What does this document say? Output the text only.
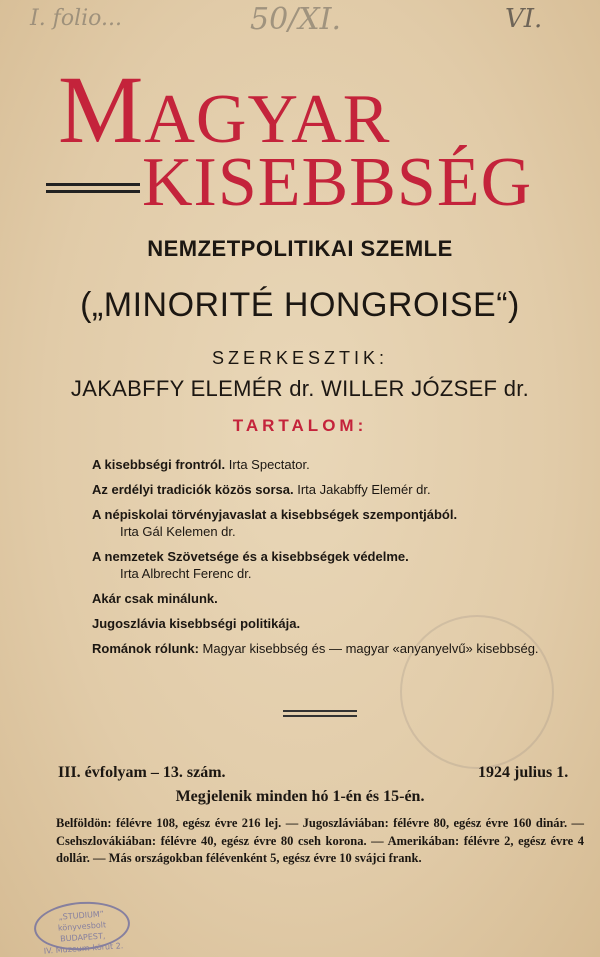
I. folio...	50/XI.	VI.
MAGYAR
KISEBBSÉG
NEMZETPOLITIKAI SZEMLE
(„MINORITÉ HONGROISE“)
SZERKESZTIK:
JAKABFFY ELEMÉR dr. WILLER JÓZSEF dr.
TARTALOM:
A kisebbségi frontról. Irta Spectator.
Az erdélyi tradiciók közös sorsa. Irta Jakabffy Elemér dr.
A népiskolai törvényjavaslat a kisebbségek szempontjából.
Irta Gál Kelemen dr.
A nemzetek Szövetsége és a kisebbségek védelme.
Irta Albrecht Ferenc dr.
Akár csak minálunk.
Jugoszlávia kisebbségi politikája.
Románok rólunk: Magyar kisebbség és — magyar «anyanyelvű» kisebbség.
III. évfolyam – 13. szám.	1924 julius 1.
Megjelenik minden hó 1-én és 15-én.
Belföldön: félévre 108, egész évre 216 lej. — Jugoszláviában: félévre 80, egész évre 160 dinár. — Csehszlovákiában: félévre 40, egész évre 80 cseh korona. — Amerikában: félévre 2, egész évre 4 dollár. — Más országokban félévenként 5, egész évre 10 svájci frank.
„STUDIUM” könyvesbolt
BUDAPEST,
IV. Muzeum-körút 2.
